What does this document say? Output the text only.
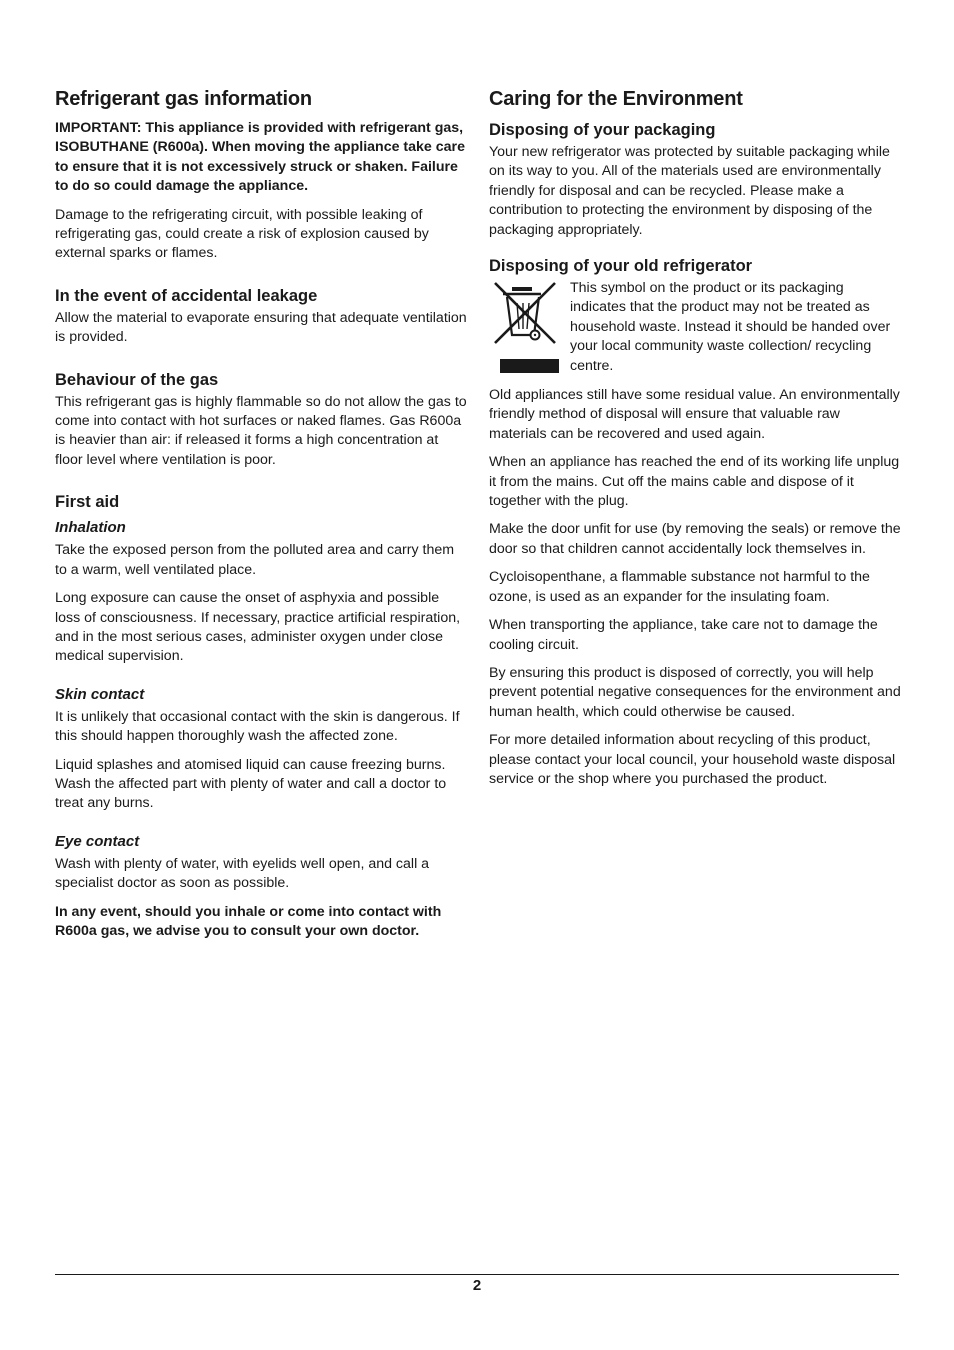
Refrigerant gas information

IMPORTANT: This appliance is provided with refrigerant gas, ISOBUTHANE (R600a). When moving the appliance take care to ensure that it is not excessively struck or shaken. Failure to do so could damage the appliance.

Damage to the refrigerating circuit, with possible leaking of refrigerating gas, could create a risk of explosion caused by external sparks or flames.

In the event of accidental leakage

Allow the material to evaporate ensuring that adequate ventilation is provided.

Behaviour of the gas

This refrigerant gas is highly flammable so do not allow the gas to come into contact with hot surfaces or naked flames. Gas R600a is heavier than air: if released it forms a high concentration at floor level where ventilation is poor.

First aid
Inhalation

Take the exposed person from the polluted area and carry them to a warm, well ventilated place.

Long exposure can cause the onset of asphyxia and possible loss of consciousness. If necessary, practice artificial respiration, and in the most serious cases, administer oxygen under close medical supervision.

Skin contact

It is unlikely that occasional contact with the skin is dangerous. If this should happen thoroughly wash the affected zone.

Liquid splashes and atomised liquid can cause freezing burns. Wash the affected part with plenty of water and call a doctor to treat any burns.

Eye contact

Wash with plenty of water, with eyelids well open, and call a specialist doctor as soon as possible.

In any event, should you inhale or come into contact with R600a gas, we advise you to consult your own doctor.

Caring for the Environment
Disposing of your packaging

Your new refrigerator was protected by suitable packaging while on its way to you. All of the materials used are environmentally friendly for disposal and can be recycled. Please make a contribution to protecting the environment by disposing of the packaging appropriately.

Disposing of your old refrigerator

This symbol on the product or its packaging indicates that the product may not be treated as household waste. Instead it should be handed over your local community waste collection/ recycling centre.

Old appliances still have some residual value. An environmentally friendly method of disposal will ensure that valuable raw materials can be recovered and used again.

When an appliance has reached the end of its working life unplug it from the mains. Cut off the mains cable and dispose of it together with the plug.

Make the door unfit for use (by removing the seals) or remove the door so that children cannot accidentally lock themselves in.

Cycloisopenthane, a flammable substance not harmful to the ozone, is used as an expander for the insulating foam.

When transporting the appliance, take care not to damage the cooling circuit.

By ensuring this product is disposed of correctly, you will help prevent potential negative consequences for the environment and human health, which could otherwise be caused.

For more detailed information about recycling of this product, please contact your local council, your household waste disposal service or the shop where you purchased the product.

2
